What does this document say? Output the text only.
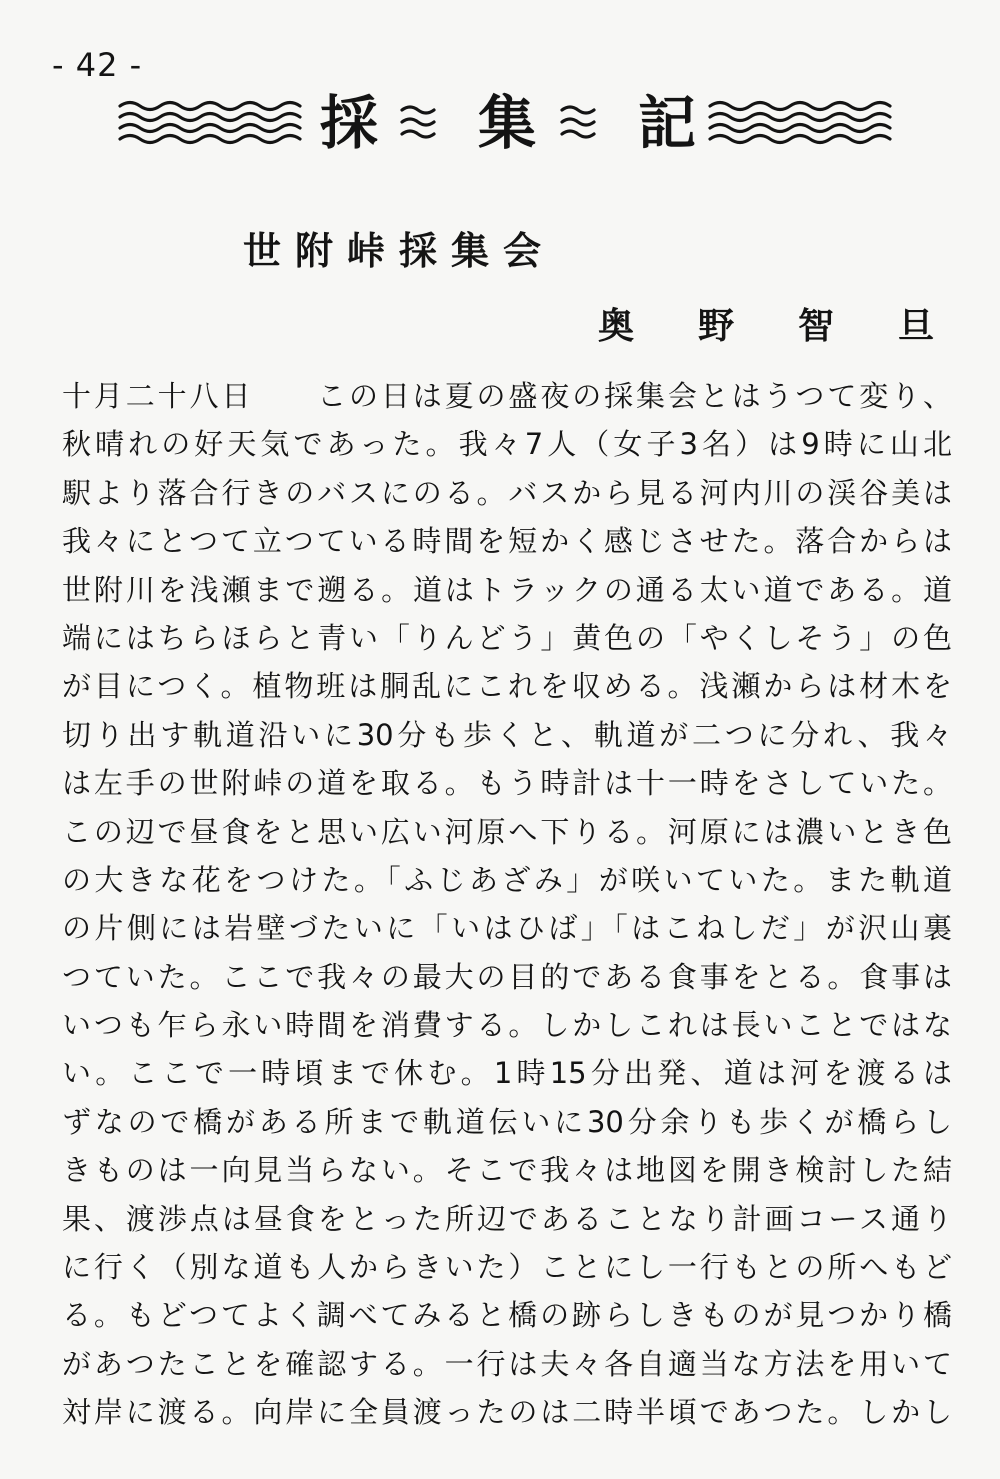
- 42 -
採 集 記
世附峠採集会
奥野智旦
十月二十八日　　この日は夏の盛夜の採集会とはうつて変り、
秋晴れの好天気であった。我々7人（女子3名）は9時に山北
駅より落合行きのバスにのる。バスから見る河内川の渓谷美は
我々にとつて立つている時間を短かく感じさせた。落合からは
世附川を浅瀬まで遡る。道はトラックの通る太い道である。道
端にはちらほらと青い「りんどう」黄色の「やくしそう」の色
が目につく。植物班は胴乱にこれを収める。浅瀬からは材木を
切り出す軌道沿いに30分も歩くと、軌道が二つに分れ、我々
は左手の世附峠の道を取る。もう時計は十一時をさしていた。
この辺で昼食をと思い広い河原へ下りる。河原には濃いとき色
の大きな花をつけた。「ふじあざみ」が咲いていた。また軌道
の片側には岩壁づたいに「いはひば」「はこねしだ」が沢山裏
つていた。ここで我々の最大の目的である食事をとる。食事は
いつも乍ら永い時間を消費する。しかしこれは長いことではな
い。ここで一時頃まで休む。1時15分出発、道は河を渡るは
ずなので橋がある所まで軌道伝いに30分余りも歩くが橋らし
きものは一向見当らない。そこで我々は地図を開き検討した結
果、渡渉点は昼食をとった所辺であることなり計画コース通り
に行く（別な道も人からきいた）ことにし一行もとの所へもど
る。もどつてよく調べてみると橋の跡らしきものが見つかり橋
があつたことを確認する。一行は夫々各自適当な方法を用いて
対岸に渡る。向岸に全員渡ったのは二時半頃であつた。しかし
